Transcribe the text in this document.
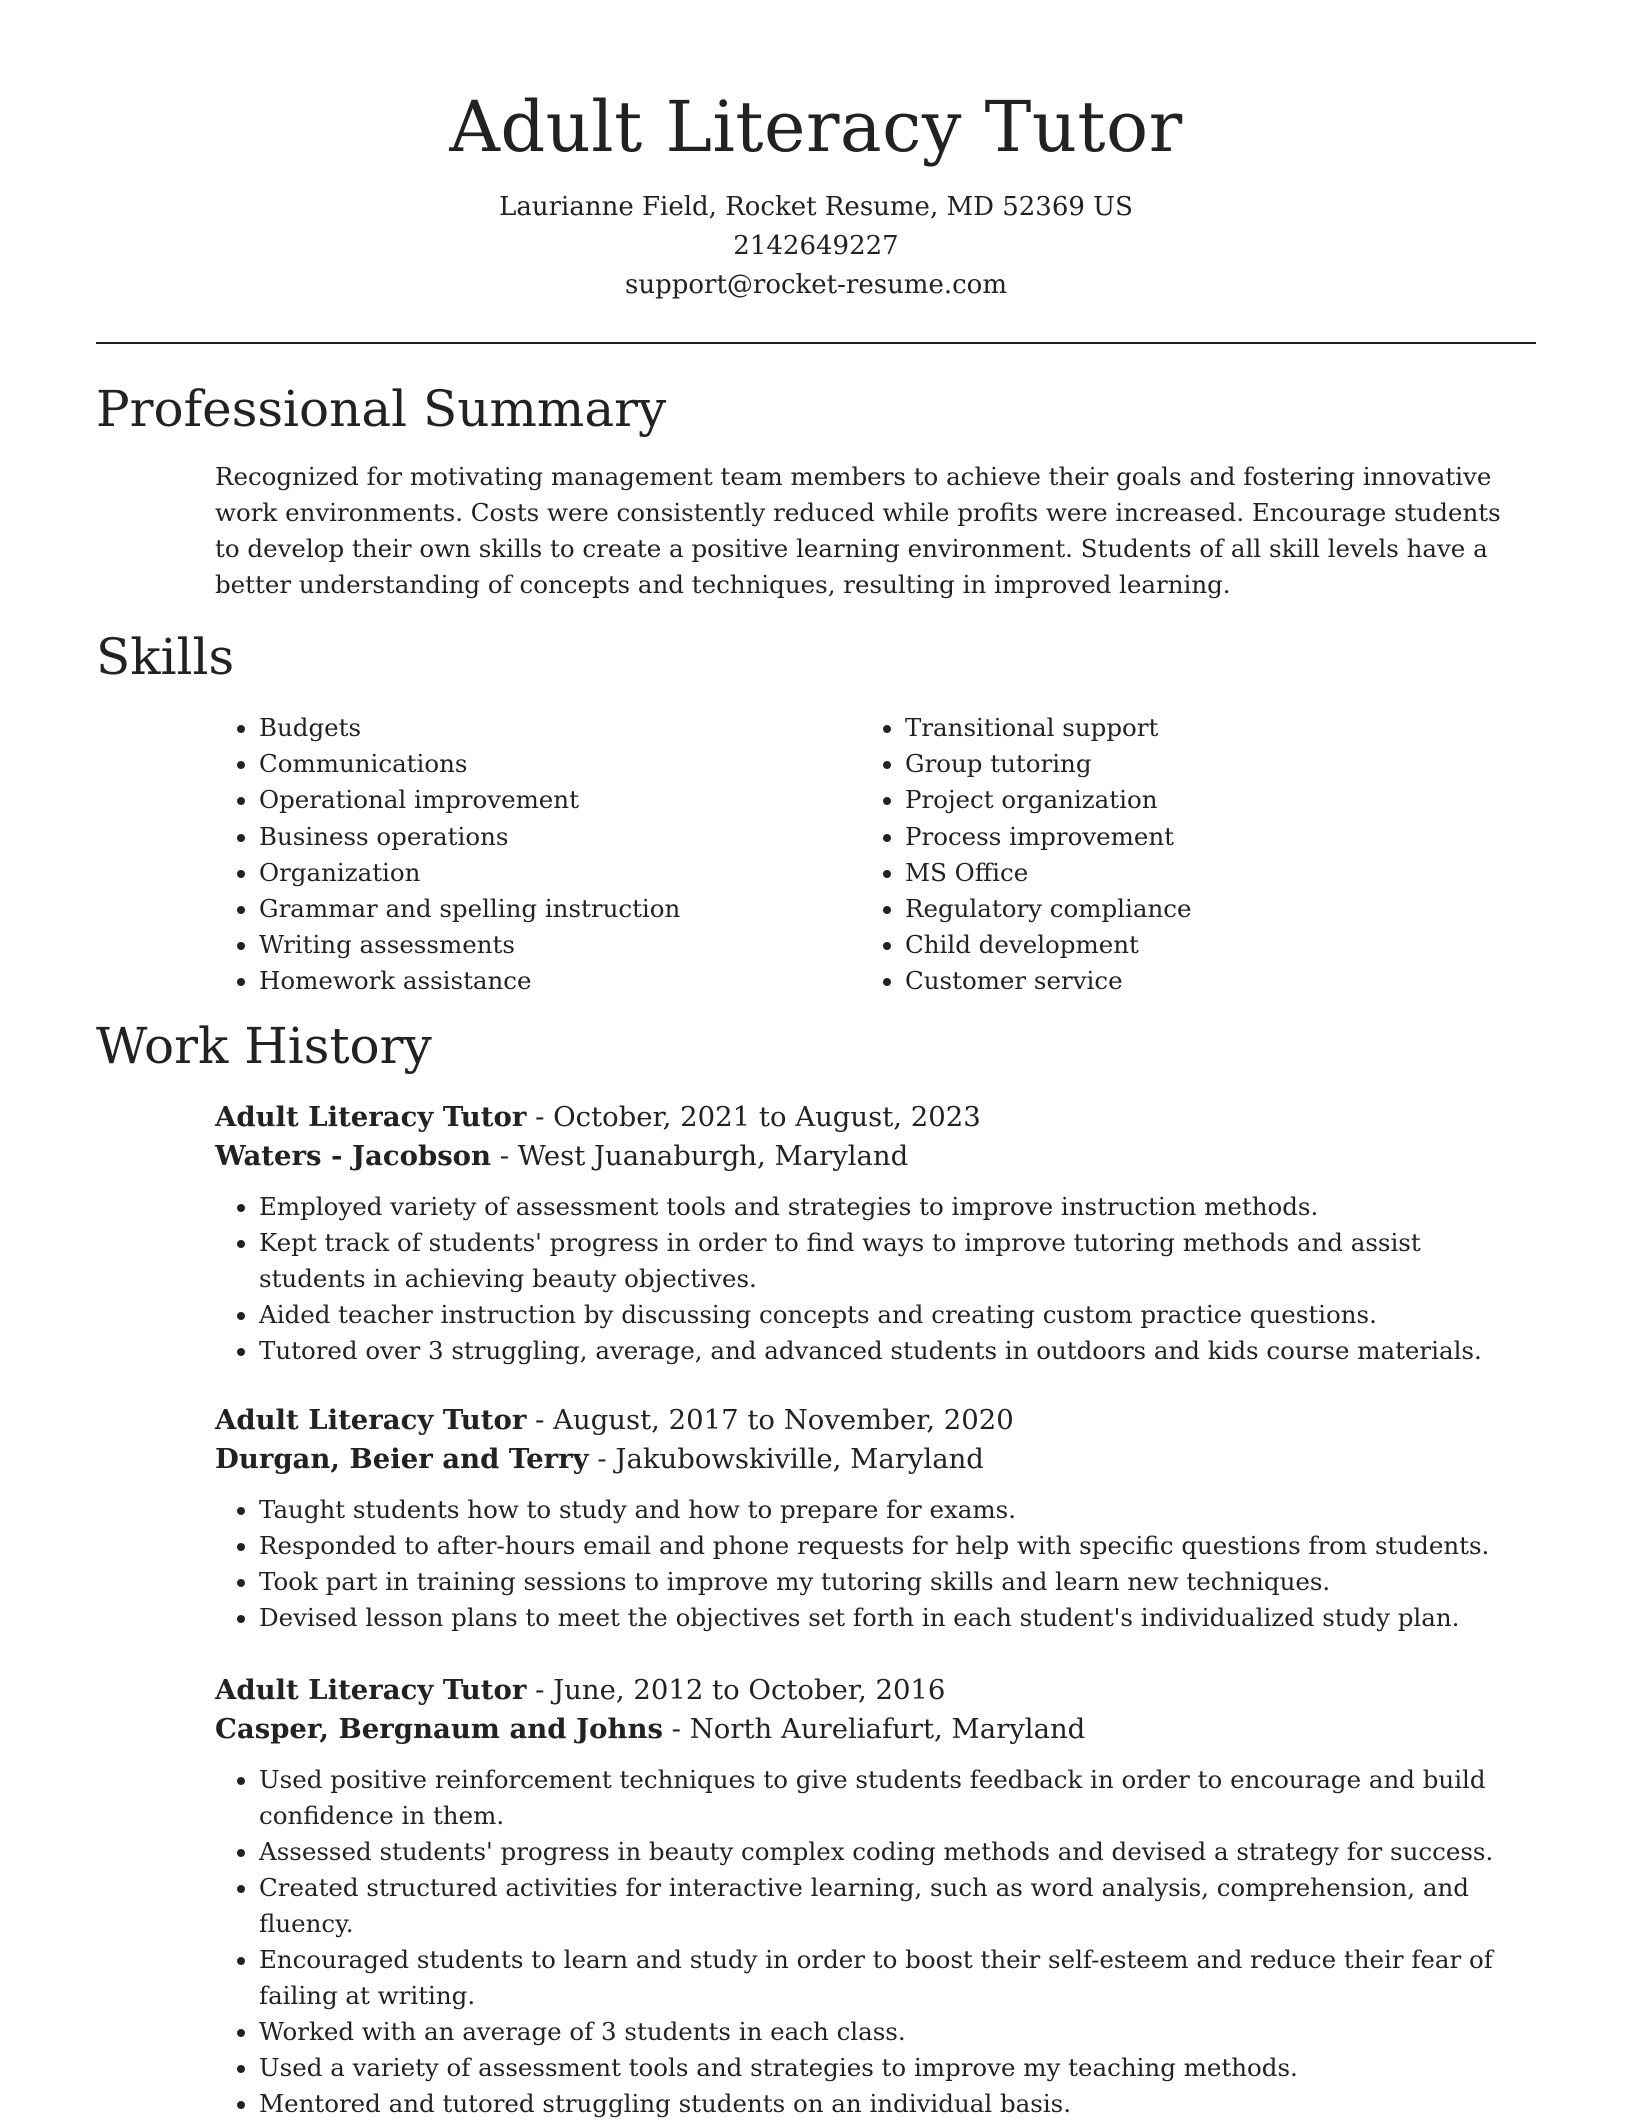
Adult Literacy Tutor
Laurianne Field, Rocket Resume, MD 52369 US
2142649227
support@rocket-resume.com
Professional Summary
Recognized for motivating management team members to achieve their goals and fostering innovative work environments. Costs were consistently reduced while profits were increased. Encourage students to develop their own skills to create a positive learning environment. Students of all skill levels have a better understanding of concepts and techniques, resulting in improved learning.
Skills
• Budgets
• Communications
• Operational improvement
• Business operations
• Organization
• Grammar and spelling instruction
• Writing assessments
• Homework assistance
• Transitional support
• Group tutoring
• Project organization
• Process improvement
• MS Office
• Regulatory compliance
• Child development
• Customer service
Work History
Adult Literacy Tutor - October, 2021 to August, 2023
Waters - Jacobson - West Juanaburgh, Maryland
• Employed variety of assessment tools and strategies to improve instruction methods.
• Kept track of students' progress in order to find ways to improve tutoring methods and assist students in achieving beauty objectives.
• Aided teacher instruction by discussing concepts and creating custom practice questions.
• Tutored over 3 struggling, average, and advanced students in outdoors and kids course materials.
Adult Literacy Tutor - August, 2017 to November, 2020
Durgan, Beier and Terry - Jakubowskiville, Maryland
• Taught students how to study and how to prepare for exams.
• Responded to after-hours email and phone requests for help with specific questions from students.
• Took part in training sessions to improve my tutoring skills and learn new techniques.
• Devised lesson plans to meet the objectives set forth in each student's individualized study plan.
Adult Literacy Tutor - June, 2012 to October, 2016
Casper, Bergnaum and Johns - North Aureliafurt, Maryland
• Used positive reinforcement techniques to give students feedback in order to encourage and build confidence in them.
• Assessed students' progress in beauty complex coding methods and devised a strategy for success.
• Created structured activities for interactive learning, such as word analysis, comprehension, and fluency.
• Encouraged students to learn and study in order to boost their self-esteem and reduce their fear of failing at writing.
• Worked with an average of 3 students in each class.
• Used a variety of assessment tools and strategies to improve my teaching methods.
• Mentored and tutored struggling students on an individual basis.
